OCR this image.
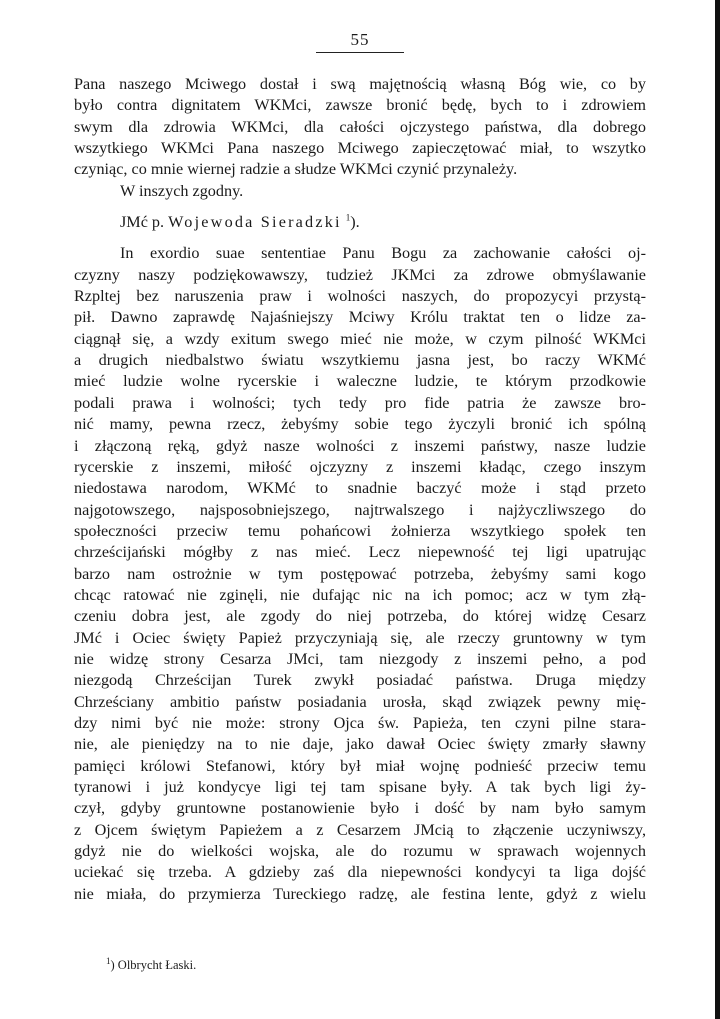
55
Pana naszego Mciwego dostał i swą majętnością własną Bóg wie, co by
było contra dignitatem WKMci, zawsze bronić będę, bych to i zdrowiem
swym dla zdrowia WKMci, dla całości ojczystego państwa, dla dobrego
wszytkiego WKMci Pana naszego Mciwego zapieczętować miał, to wszytko
czyniąc, co mnie wiernej radzie a słudze WKMci czynić przynależy.
W inszych zgodny.
JMć p. Wojewoda Sieradzki $^1$).
In exordio suae sententiae Panu Bogu za zachowanie całości oj-
czyzny naszy podziękowawszy, tudzież JKMci za zdrowe obmyślawanie
Rzpltej bez naruszenia praw i wolności naszych, do propozycyi przystą-
pił. Dawno zaprawdę Najaśniejszy Mciwy Królu traktat ten o lidze za-
ciągnął się, a wzdy exitum swego mieć nie może, w czym pilność WKMci
a drugich niedbalstwo światu wszytkiemu jasna jest, bo raczy WKMć
mieć ludzie wolne rycerskie i waleczne ludzie, te którym przodkowie
podali prawa i wolności; tych tedy pro fide patria że zawsze bro-
nić mamy, pewna rzecz, żebyśmy sobie tego życzyli bronić ich spólną
i złączoną ręką, gdyż nasze wolności z inszemi państwy, nasze ludzie
rycerskie z inszemi, miłość ojczyzny z inszemi kładąc, czego inszym
niedostawa narodom, WKMć to snadnie baczyć może i stąd przeto
najgotowszego, najsposobniejszego, najtrwalszego i najżyczliwszego do
społeczności przeciw temu pohańcowi żołnierza wszytkiego społek ten
chrześcijański mógłby z nas mieć. Lecz niepewność tej ligi upatrując
barzo nam ostrożnie w tym postępować potrzeba, żebyśmy sami kogo
chcąc ratować nie zginęli, nie dufając nic na ich pomoc; acz w tym złą-
czeniu dobra jest, ale zgody do niej potrzeba, do której widzę Cesarz
JMć i Ociec święty Papież przyczyniają się, ale rzeczy gruntowny w tym
nie widzę strony Cesarza JMci, tam niezgody z inszemi pełno, a pod
niezgodą Chrześcijan Turek zwykł posiadać państwa. Druga między
Chrześciany ambitio państw posiadania urosła, skąd związek pewny mię-
dzy nimi być nie może: strony Ojca św. Papieża, ten czyni pilne stara-
nie, ale pieniędzy na to nie daje, jako dawał Ociec święty zmarły sławny
pamięci królowi Stefanowi, który był miał wojnę podnieść przeciw temu
tyranowi i już kondycye ligi tej tam spisane były. A tak bych ligi ży-
czył, gdyby gruntowne postanowienie było i dość by nam było samym
z Ojcem świętym Papieżem a z Cesarzem JMcią to złączenie uczyniwszy,
gdyż nie do wielkości wojska, ale do rozumu w sprawach wojennych
uciekać się trzeba. A gdzieby zaś dla niepewności kondycyi ta liga dojść
nie miała, do przymierza Tureckiego radzę, ale festina lente, gdyż z wielu
$^1$) Olbrycht Łaski.
